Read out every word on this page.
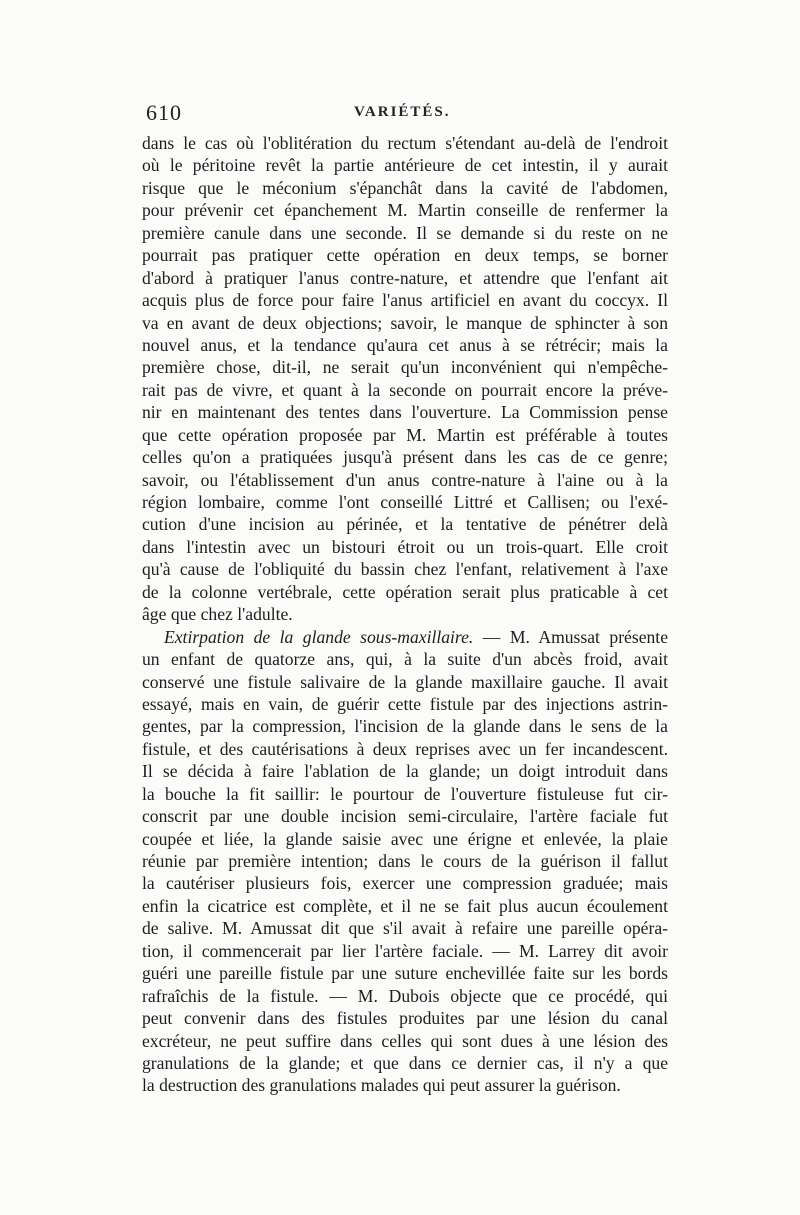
610	VARIÉTÉS.
dans le cas où l'oblitération du rectum s'étendant au-delà de l'endroit
où le péritoine revêt la partie antérieure de cet intestin, il y aurait
risque que le méconium s'épanchât dans la cavité de l'abdomen,
pour prévenir cet épanchement M. Martin conseille de renfermer la
première canule dans une seconde. Il se demande si du reste on ne
pourrait pas pratiquer cette opération en deux temps, se borner
d'abord à pratiquer l'anus contre-nature, et attendre que l'enfant ait
acquis plus de force pour faire l'anus artificiel en avant du coccyx. Il
va en avant de deux objections; savoir, le manque de sphincter à son
nouvel anus, et la tendance qu'aura cet anus à se rétrécir; mais la
première chose, dit-il, ne serait qu'un inconvénient qui n'empêche-
rait pas de vivre, et quant à la seconde on pourrait encore la préve-
nir en maintenant des tentes dans l'ouverture. La Commission pense
que cette opération proposée par M. Martin est préférable à toutes
celles qu'on a pratiquées jusqu'à présent dans les cas de ce genre;
savoir, ou l'établissement d'un anus contre-nature à l'aine ou à la
région lombaire, comme l'ont conseillé Littré et Callisen; ou l'exé-
cution d'une incision au périnée, et la tentative de pénétrer delà
dans l'intestin avec un bistouri étroit ou un trois-quart. Elle croit
qu'à cause de l'obliquité du bassin chez l'enfant, relativement à l'axe
de la colonne vertébrale, cette opération serait plus praticable à cet
âge que chez l'adulte.
Extirpation de la glande sous-maxillaire. — M. Amussat présente
un enfant de quatorze ans, qui, à la suite d'un abcès froid, avait
conservé une fistule salivaire de la glande maxillaire gauche. Il avait
essayé, mais en vain, de guérir cette fistule par des injections astrin-
gentes, par la compression, l'incision de la glande dans le sens de la
fistule, et des cautérisations à deux reprises avec un fer incandescent.
Il se décida à faire l'ablation de la glande; un doigt introduit dans
la bouche la fit saillir: le pourtour de l'ouverture fistuleuse fut cir-
conscrit par une double incision semi-circulaire, l'artère faciale fut
coupée et liée, la glande saisie avec une érigne et enlevée, la plaie
réunie par première intention; dans le cours de la guérison il fallut
la cautériser plusieurs fois, exercer une compression graduée; mais
enfin la cicatrice est complète, et il ne se fait plus aucun écoulement
de salive. M. Amussat dit que s'il avait à refaire une pareille opéra-
tion, il commencerait par lier l'artère faciale. — M. Larrey dit avoir
guéri une pareille fistule par une suture enchevillée faite sur les bords
rafraîchis de la fistule. — M. Dubois objecte que ce procédé, qui
peut convenir dans des fistules produites par une lésion du canal
excréteur, ne peut suffire dans celles qui sont dues à une lésion des
granulations de la glande; et que dans ce dernier cas, il n'y a que
la destruction des granulations malades qui peut assurer la guérison.
